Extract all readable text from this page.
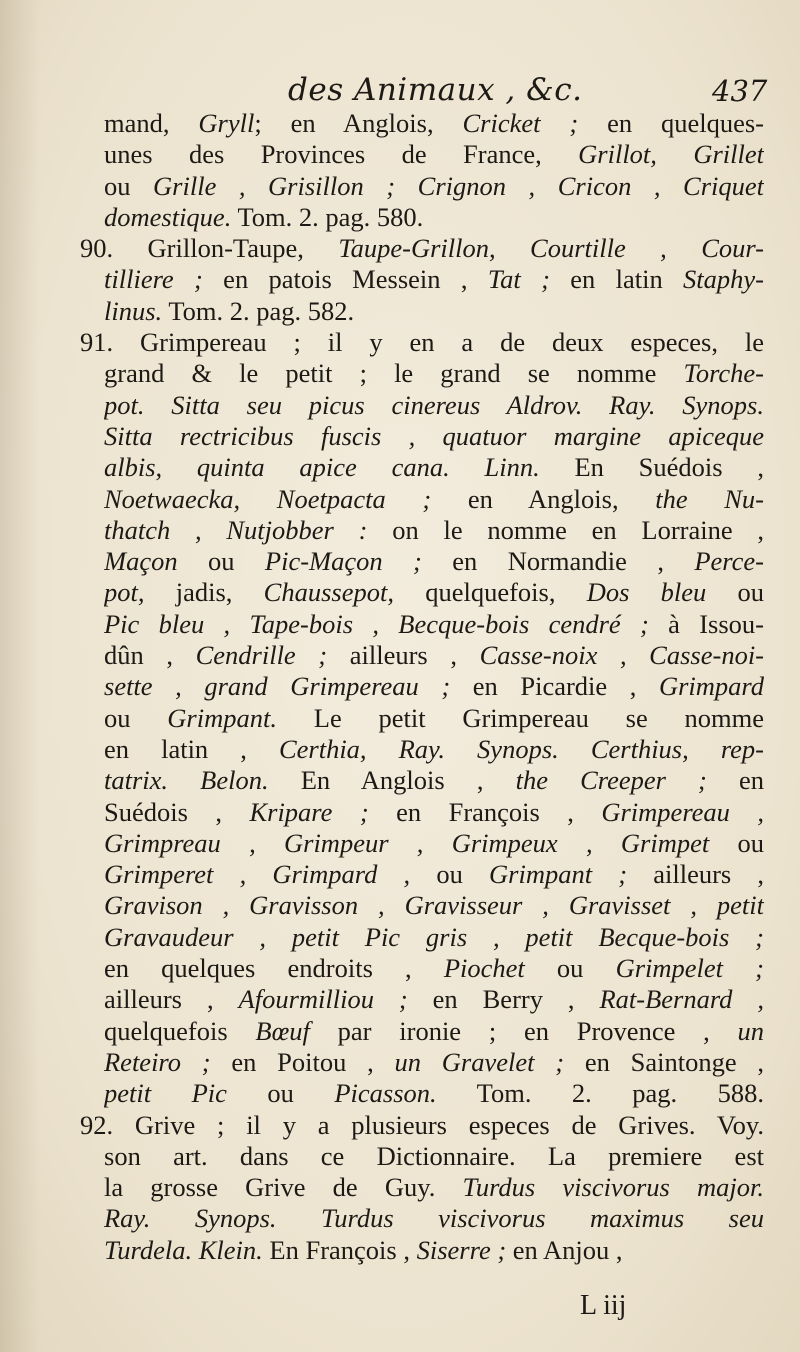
des Animaux , &c.	437
mand, Gryll; en Anglois, Cricket ; en quelques-
unes des Provinces de France, Grillot, Grillet
ou Grille , Grisillon ; Crignon , Cricon , Criquet
domestique. Tom. 2. pag. 580.
90. Grillon-Taupe, Taupe-Grillon, Courtille , Cour-
tilliere ; en patois Messein , Tat ; en latin Staphy-
linus. Tom. 2. pag. 582.
91. Grimpereau ; il y en a de deux especes, le
grand & le petit ; le grand se nomme Torche-
pot. Sitta seu picus cinereus Aldrov. Ray. Synops.
Sitta rectricibus fuscis , quatuor margine apiceque
albis, quinta apice cana. Linn. En Suédois ,
Noetwaecka, Noetpacta ; en Anglois, the Nu-
thatch , Nutjobber : on le nomme en Lorraine ,
Maçon ou Pic-Maçon ; en Normandie , Perce-
pot, jadis, Chaussepot, quelquefois, Dos bleu ou
Pic bleu , Tape-bois , Becque-bois cendré ; à Issou-
dûn , Cendrille ; ailleurs , Casse-noix , Casse-noi-
sette , grand Grimpereau ; en Picardie , Grimpard
ou Grimpant. Le petit Grimpereau se nomme
en latin , Certhia, Ray. Synops. Certhius, rep-
tatrix. Belon. En Anglois , the Creeper ; en
Suédois , Kripare ; en François , Grimpereau ,
Grimpreau , Grimpeur , Grimpeux , Grimpet ou
Grimperet , Grimpard , ou Grimpant ; ailleurs ,
Gravison , Gravisson , Gravisseur , Gravisset , petit
Gravaudeur , petit Pic gris , petit Becque-bois ;
en quelques endroits , Piochet ou Grimpelet ;
ailleurs , Afourmilliou ; en Berry , Rat-Bernard ,
quelquefois Bœuf par ironie ; en Provence , un
Reteiro ; en Poitou , un Gravelet ; en Saintonge ,
petit Pic ou Picasson. Tom. 2. pag. 588.
92. Grive ; il y a plusieurs especes de Grives. Voy.
son art. dans ce Dictionnaire. La premiere est
la grosse Grive de Guy. Turdus viscivorus major.
Ray. Synops. Turdus viscivorus maximus seu
Turdela. Klein. En François , Siserre ; en Anjou ,
L iij
